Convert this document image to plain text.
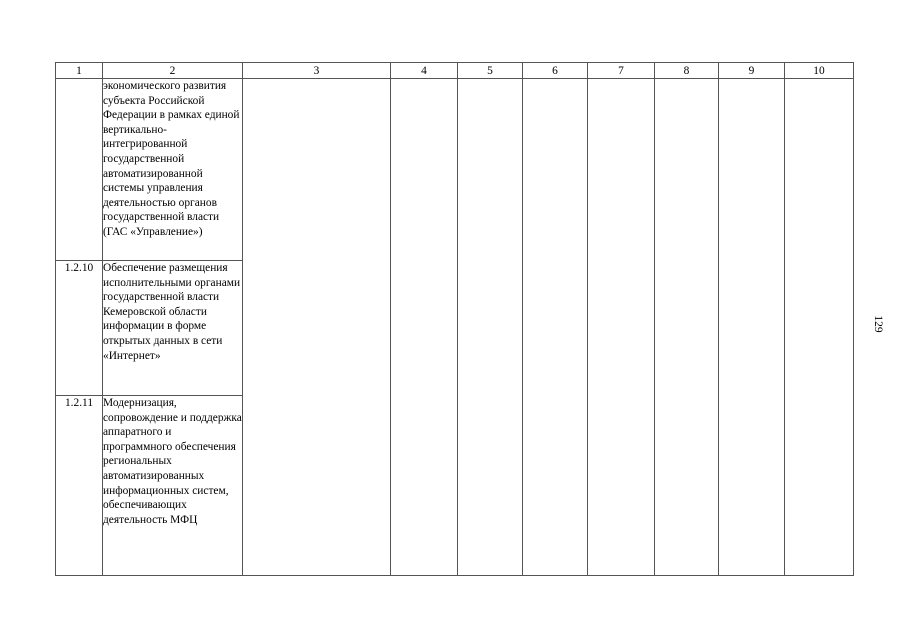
1	2	3	4	5	6	7	8	9	10
	экономического развития субъекта Российской Федерации в рамках единой вертикально-интегрированной государственной автоматизированной системы управления деятельностью органов государственной власти (ГАС «Управление»)								
1.2.10	Обеспечение размещения исполнительными органами государственной власти Кемеровской области информации в форме открытых данных в сети «Интернет»								
1.2.11	Модернизация, сопровождение и поддержка аппаратного и программного обеспечения региональных автоматизированных информационных систем, обеспечивающих деятельность МФЦ								
129
